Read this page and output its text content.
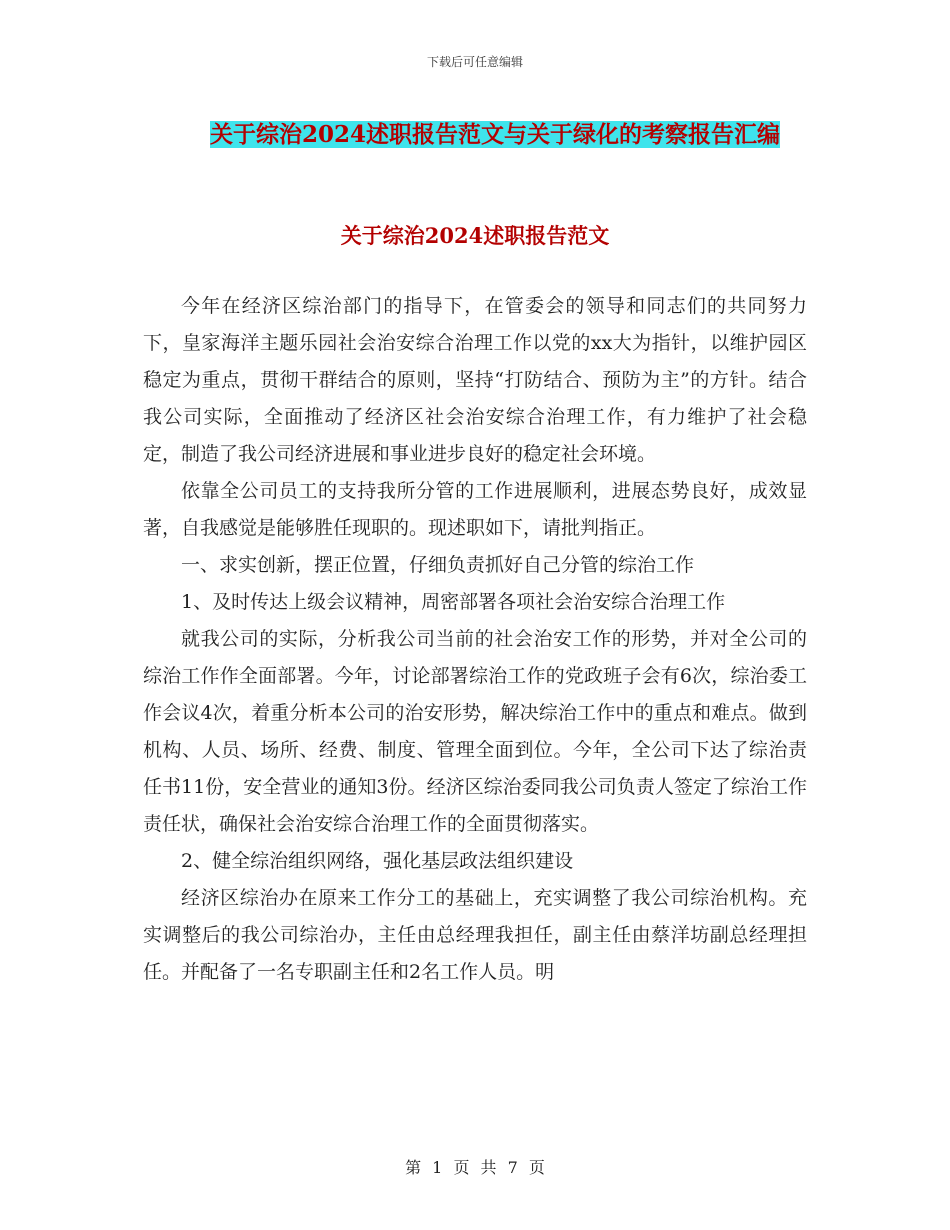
下载后可任意编辑
关于综治2024述职报告范文与关于绿化的考察报告汇编
关于综治2024述职报告范文

今年在经济区综治部门的指导下，在管委会的领导和同志们的共同努力下，皇家海洋主题乐园社会治安综合治理工作以党的xx大为指针，以维护园区稳定为重点，贯彻干群结合的原则，坚持“打防结合、预防为主”的方针。结合我公司实际，全面推动了经济区社会治安综合治理工作，有力维护了社会稳定，制造了我公司经济进展和事业进步良好的稳定社会环境。

依靠全公司员工的支持我所分管的工作进展顺利，进展态势良好，成效显著，自我感觉是能够胜任现职的。现述职如下，请批判指正。

一、求实创新，摆正位置，仔细负责抓好自己分管的综治工作

1、及时传达上级会议精神，周密部署各项社会治安综合治理工作

就我公司的实际，分析我公司当前的社会治安工作的形势，并对全公司的综治工作作全面部署。今年，讨论部署综治工作的党政班子会有6次，综治委工作会议4次，着重分析本公司的治安形势，解决综治工作中的重点和难点。做到机构、人员、场所、经费、制度、管理全面到位。今年，全公司下达了综治责任书11份，安全营业的通知3份。经济区综治委同我公司负责人签定了综治工作责任状，确保社会治安综合治理工作的全面贯彻落实。

2、健全综治组织网络，强化基层政法组织建设

经济区综治办在原来工作分工的基础上，充实调整了我公司综治机构。充实调整后的我公司综治办，主任由总经理我担任，副主任由蔡洋坊副总经理担任。并配备了一名专职副主任和2名工作人员。明

第 1 页 共 7 页
